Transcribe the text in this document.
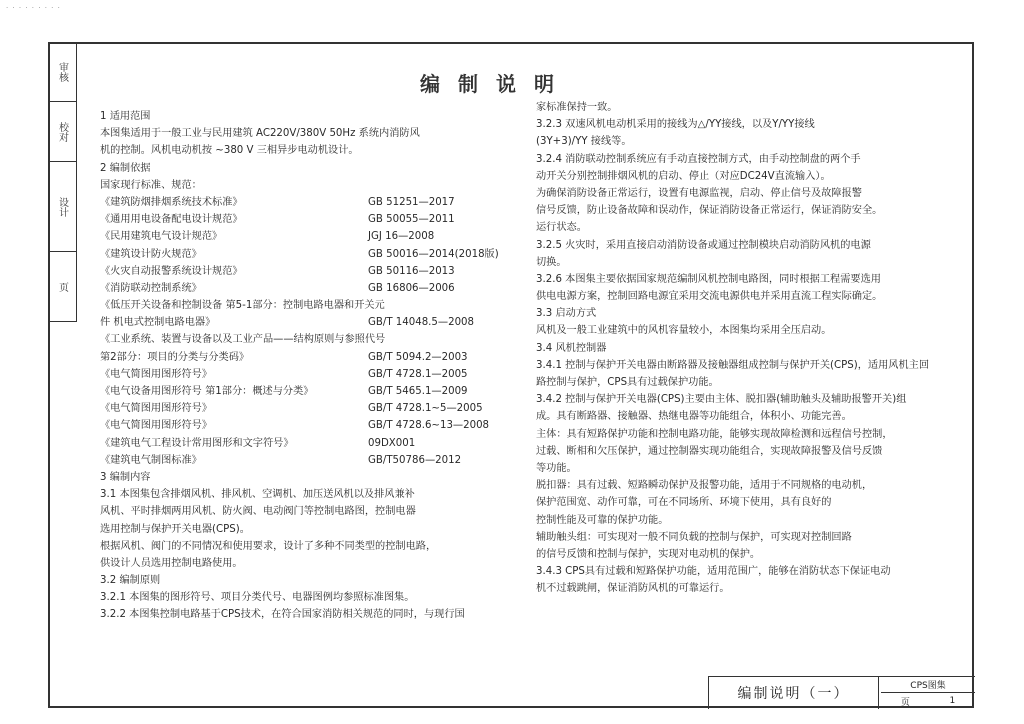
· · · · · · · · ·
审核
校对
设计
页
编制说明
1 适用范围
本图集适用于一般工业与民用建筑 AC220V/380V 50Hz 系统内消防风
机的控制。风机电动机按 ~380 V 三相异步电动机设计。
2 编制依据
国家现行标准、规范：
《建筑防烟排烟系统技术标准》	GB 51251—2017
《通用用电设备配电设计规范》	GB 50055—2011
《民用建筑电气设计规范》	JGJ 16—2008
《建筑设计防火规范》	GB 50016—2014(2018版)
《火灾自动报警系统设计规范》	GB 50116—2013
《消防联动控制系统》	GB 16806—2006
《低压开关设备和控制设备 第5-1部分：控制电路电器和开关元
件 机电式控制电路电器》	GB/T 14048.5—2008
《工业系统、装置与设备以及工业产品——结构原则与参照代号
第2部分：项目的分类与分类码》	GB/T 5094.2—2003
《电气简图用图形符号》	GB/T 4728.1—2005
《电气设备用图形符号 第1部分：概述与分类》	GB/T 5465.1—2009
《电气简图用图形符号》	GB/T 4728.1~5—2005
《电气简图用图形符号》	GB/T 4728.6~13—2008
《建筑电气工程设计常用图形和文字符号》	09DX001
《建筑电气制图标准》	GB/T50786—2012
3 编制内容
3.1 本图集包含排烟风机、排风机、空调机、加压送风机以及排风兼补
风机、平时排烟两用风机、防火阀、电动阀门等控制电路图，控制电器
选用控制与保护开关电器(CPS)。
根据风机、阀门的不同情况和使用要求，设计了多种不同类型的控制电路，
供设计人员选用控制电路使用。
3.2 编制原则
3.2.1 本图集的图形符号、项目分类代号、电器图例均参照标准图集。
3.2.2 本图集控制电路基于CPS技术，在符合国家消防相关规范的同时，与现行国
家标准保持一致。
3.2.3 双速风机电动机采用的接线为△/YY接线，以及Y/YY接线
(3Y+3)/YY 接线等。
3.2.4 消防联动控制系统应有手动直接控制方式，由手动控制盘的两个手
动开关分别控制排烟风机的启动、停止（对应DC24V直流输入）。
为确保消防设备正常运行，设置有电源监视，启动、停止信号及故障报警
信号反馈，防止设备故障和误动作，保证消防设备正常运行，保证消防安全。
运行状态。
3.2.5 火灾时，采用直接启动消防设备或通过控制模块启动消防风机的电源
切换。
3.2.6 本图集主要依据国家规范编制风机控制电路图，同时根据工程需要选用
供电电源方案，控制回路电源宜采用交流电源供电并采用直流工程实际确定。
3.3 启动方式
风机及一般工业建筑中的风机容量较小，本图集均采用全压启动。
3.4 风机控制器
3.4.1 控制与保护开关电器由断路器及接触器组成控制与保护开关(CPS)，适用风机主回
路控制与保护，CPS具有过载保护功能。
3.4.2 控制与保护开关电器(CPS)主要由主体、脱扣器(辅助触头及辅助报警开关)组
成。具有断路器、接触器、热继电器等功能组合，体积小、功能完善。
主体：具有短路保护功能和控制电路功能，能够实现故障检测和远程信号控制，
过载、断相和欠压保护，通过控制器实现功能组合，实现故障报警及信号反馈
等功能。
脱扣器：具有过载、短路瞬动保护及报警功能，适用于不同规格的电动机，
保护范围宽、动作可靠，可在不同场所、环境下使用，具有良好的
控制性能及可靠的保护功能。
辅助触头组：可实现对一般不同负载的控制与保护，可实现对控制回路
的信号反馈和控制与保护，实现对电动机的保护。
3.4.3 CPS具有过载和短路保护功能，适用范围广，能够在消防状态下保证电动
机不过载跳闸，保证消防风机的可靠运行。
编制说明（一）	CPS图集
页	1
